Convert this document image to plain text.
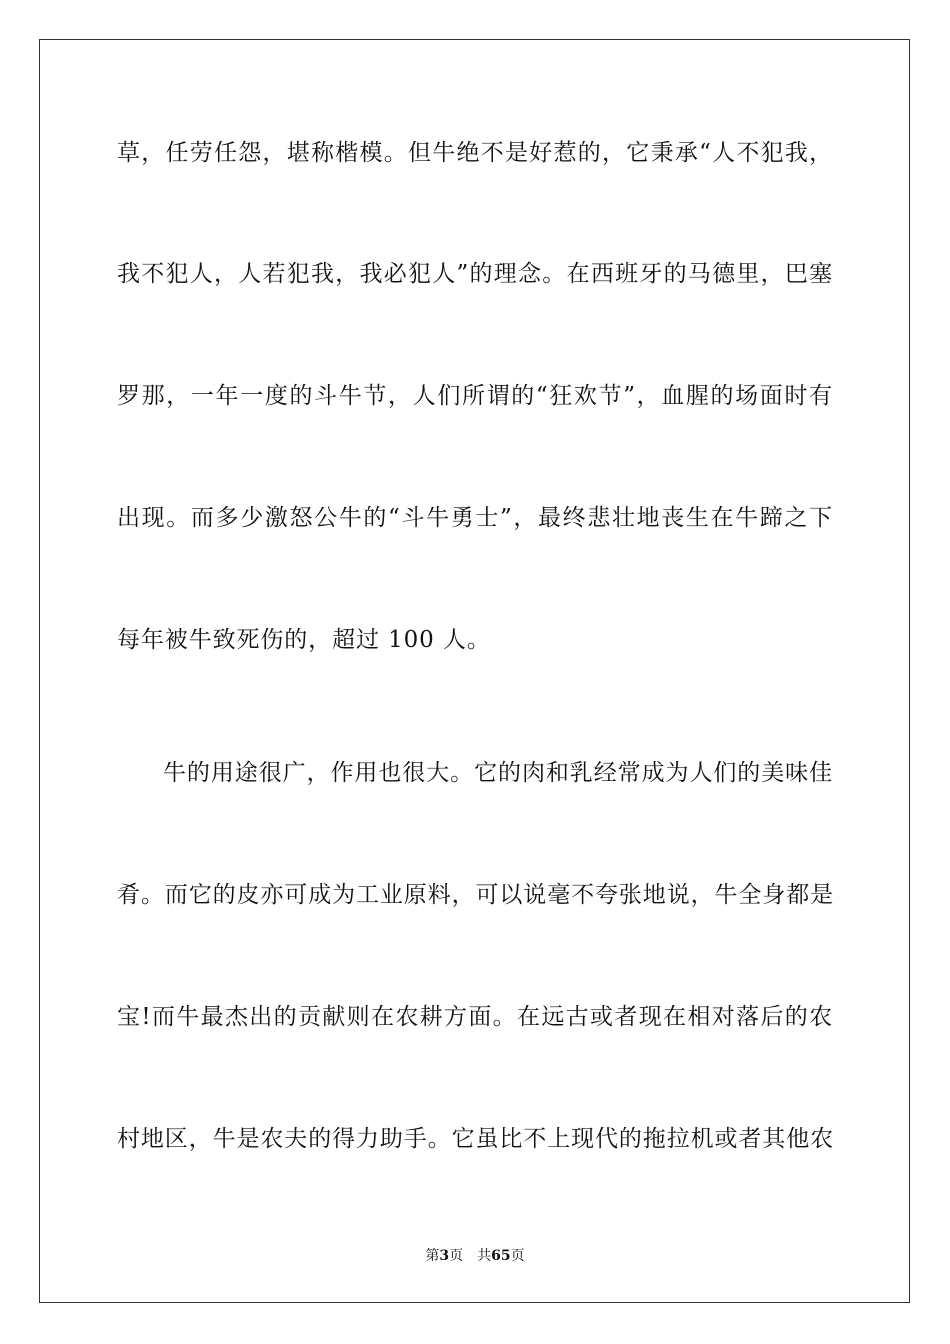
草，任劳任怨，堪称楷模。但牛绝不是好惹的，它秉承“人不犯我，
我不犯人，人若犯我，我必犯人”的理念。在西班牙的马德里，巴塞
罗那，一年一度的斗牛节，人们所谓的“狂欢节”，血腥的场面时有
出现。而多少激怒公牛的“斗牛勇士”，最终悲壮地丧生在牛蹄之下
每年被牛致死伤的，超过 100 人。
牛的用途很广，作用也很大。它的肉和乳经常成为人们的美味佳
肴。而它的皮亦可成为工业原料，可以说毫不夸张地说，牛全身都是
宝!而牛最杰出的贡献则在农耕方面。在远古或者现在相对落后的农
村地区，牛是农夫的得力助手。它虽比不上现代的拖拉机或者其他农
第3页 共65页
